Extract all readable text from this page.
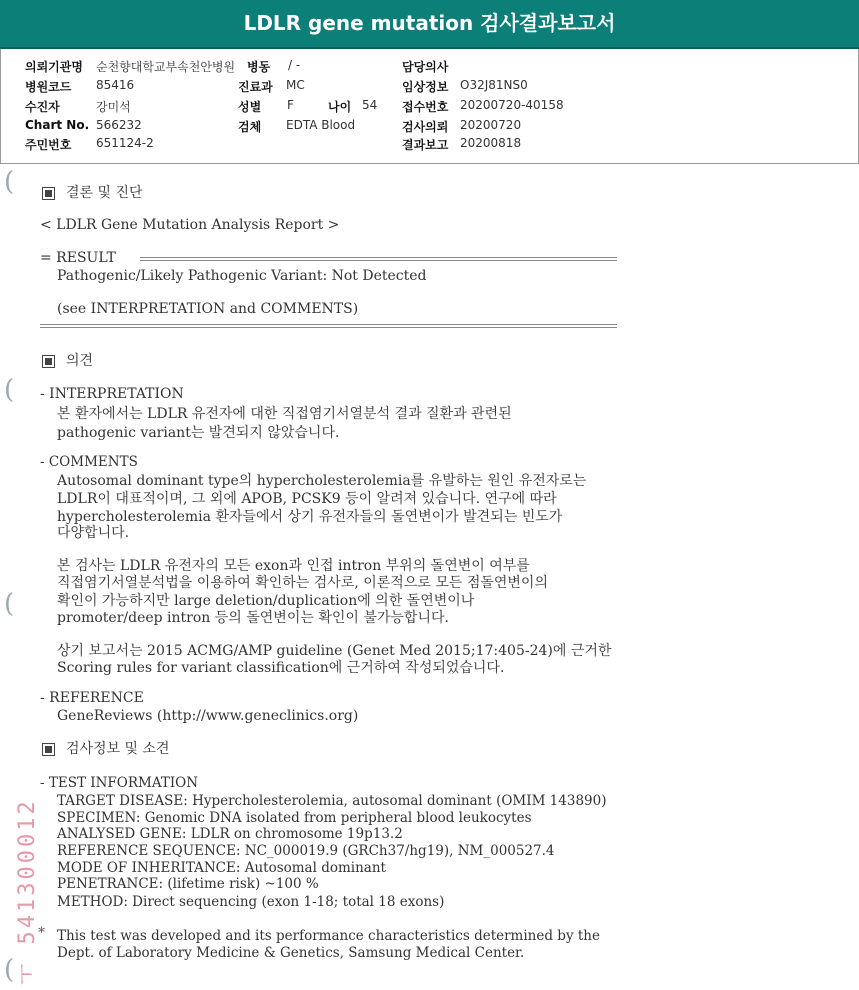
LDLR gene mutation 검사결과보고서
의뢰기관명 순천향대학교부속천안병원 병동 / -	담당의사
병원코드 85416	진료과 MC	임상정보 O32J81NS0
수진자	강미석	성별 F	나이 54 접수번호 20200720-40158
Chart No. 566232	검체 EDTA Blood	검사의뢰 20200720
주민번호 651124-2	결과보고 20200818
(
(
(
(
결론 및 진단
< LDLR Gene Mutation Analysis Report >
= RESULT
Pathogenic/Likely Pathogenic Variant: Not Detected
(see INTERPRETATION and COMMENTS)
의견
- INTERPRETATION
본 환자에서는 LDLR 유전자에 대한 직접염기서열분석 결과 질환과 관련된
pathogenic variant는 발견되지 않았습니다.
- COMMENTS
Autosomal dominant type의 hypercholesterolemia를 유발하는 원인 유전자로는
LDLR이 대표적이며, 그 외에 APOB, PCSK9 등이 알려져 있습니다. 연구에 따라
hypercholesterolemia 환자들에서 상기 유전자들의 돌연변이가 발견되는 빈도가
다양합니다.
본 검사는 LDLR 유전자의 모든 exon과 인접 intron 부위의 돌연변이 여부를
직접염기서열분석법을 이용하여 확인하는 검사로, 이론적으로 모든 점돌연변이의
확인이 가능하지만 large deletion/duplication에 의한 돌연변이나
promoter/deep intron 등의 돌연변이는 확인이 불가능합니다.
상기 보고서는 2015 ACMG/AMP guideline (Genet Med 2015;17:405-24)에 근거한
Scoring rules for variant classification에 근거하여 작성되었습니다.
- REFERENCE
GeneReviews (http://www.geneclinics.org)
검사정보 및 소견
- TEST INFORMATION
TARGET DISEASE: Hypercholesterolemia, autosomal dominant (OMIM 143890)
SPECIMEN: Genomic DNA isolated from peripheral blood leukocytes
ANALYSED GENE: LDLR on chromosome 19p13.2
REFERENCE SEQUENCE: NC_000019.9 (GRCh37/hg19), NM_000527.4
MODE OF INHERITANCE: Autosomal dominant
PENETRANCE: (lifetime risk) ~100 %
METHOD: Direct sequencing (exon 1-18; total 18 exons)
This test was developed and its performance characteristics determined by the
Dept. of Laboratory Medicine & Genetics, Samsung Medical Center.
*
ㅜ 541300012
